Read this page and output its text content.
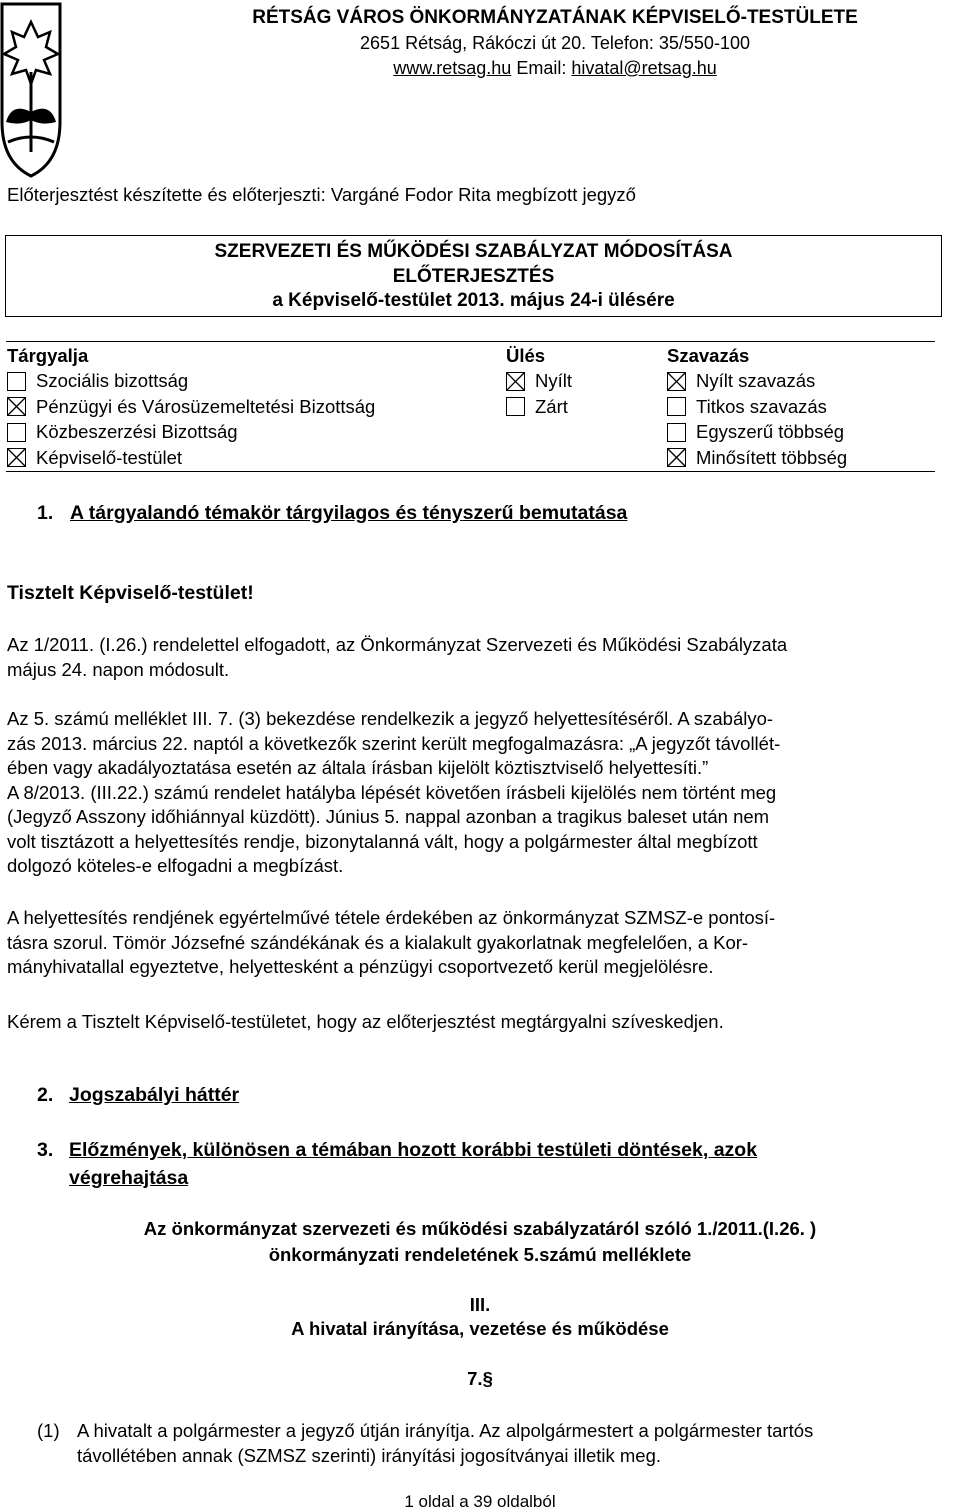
RÉTSÁG VÁROS ÖNKORMÁNYZATÁNAK KÉPVISELŐ-TESTÜLETE
2651 Rétság, Rákóczi út 20. Telefon: 35/550-100
www.retsag.hu Email: hivatal@retsag.hu
Előterjesztést készítette és előterjeszti: Vargáné Fodor Rita megbízott jegyző
SZERVEZETI ÉS MŰKÖDÉSI SZABÁLYZAT MÓDOSÍTÁSA
ELŐTERJESZTÉS
a Képviselő-testület 2013. május 24-i ülésére
Tárgyalja
Szociális bizottság
Pénzügyi és Városüzemeltetési Bizottság
Közbeszerzési Bizottság
Képviselő-testület
Ülés
Nyílt
Zárt
Szavazás
Nyílt szavazás
Titkos szavazás
Egyszerű többség
Minősített többség
1. A tárgyalandó témakör tárgyilagos és tényszerű bemutatása
Tisztelt Képviselő-testület!
Az 1/2011. (I.26.) rendelettel elfogadott, az Önkormányzat Szervezeti és Működési Szabályzata
május 24. napon módosult.
Az 5. számú melléklet III. 7. (3) bekezdése rendelkezik a jegyző helyettesítéséről. A szabályo-
zás 2013. március 22. naptól a következők szerint került megfogalmazásra: „A jegyzőt távollét-
ében vagy akadályoztatása esetén az általa írásban kijelölt köztisztviselő helyettesíti.”
A 8/2013. (III.22.) számú rendelet hatályba lépését követően írásbeli kijelölés nem történt meg
(Jegyző Asszony időhiánnyal küzdött). Június 5. nappal azonban a tragikus baleset után nem
volt tisztázott a helyettesítés rendje, bizonytalanná vált, hogy a polgármester által megbízott
dolgozó köteles-e elfogadni a megbízást.
A helyettesítés rendjének egyértelművé tétele érdekében az önkormányzat SZMSZ-e pontosí-
tásra szorul. Tömör Józsefné szándékának és a kialakult gyakorlatnak megfelelően, a Kor-
mányhivatallal egyeztetve, helyettesként a pénzügyi csoportvezető kerül megjelölésre.
Kérem a Tisztelt Képviselő-testületet, hogy az előterjesztést megtárgyalni szíveskedjen.
2. Jogszabályi háttér
3. Előzmények, különösen a témában hozott korábbi testületi döntések, azok
végrehajtása
Az önkormányzat szervezeti és működési szabályzatáról szóló 1./2011.(I.26. )
önkormányzati rendeletének 5.számú melléklete
III.
A hivatal irányítása, vezetése és működése
7.§
(1) A hivatalt a polgármester a jegyző útján irányítja. Az alpolgármestert a polgármester tartós
távollétében annak (SZMSZ szerinti) irányítási jogosítványai illetik meg.
1 oldal a 39 oldalból
